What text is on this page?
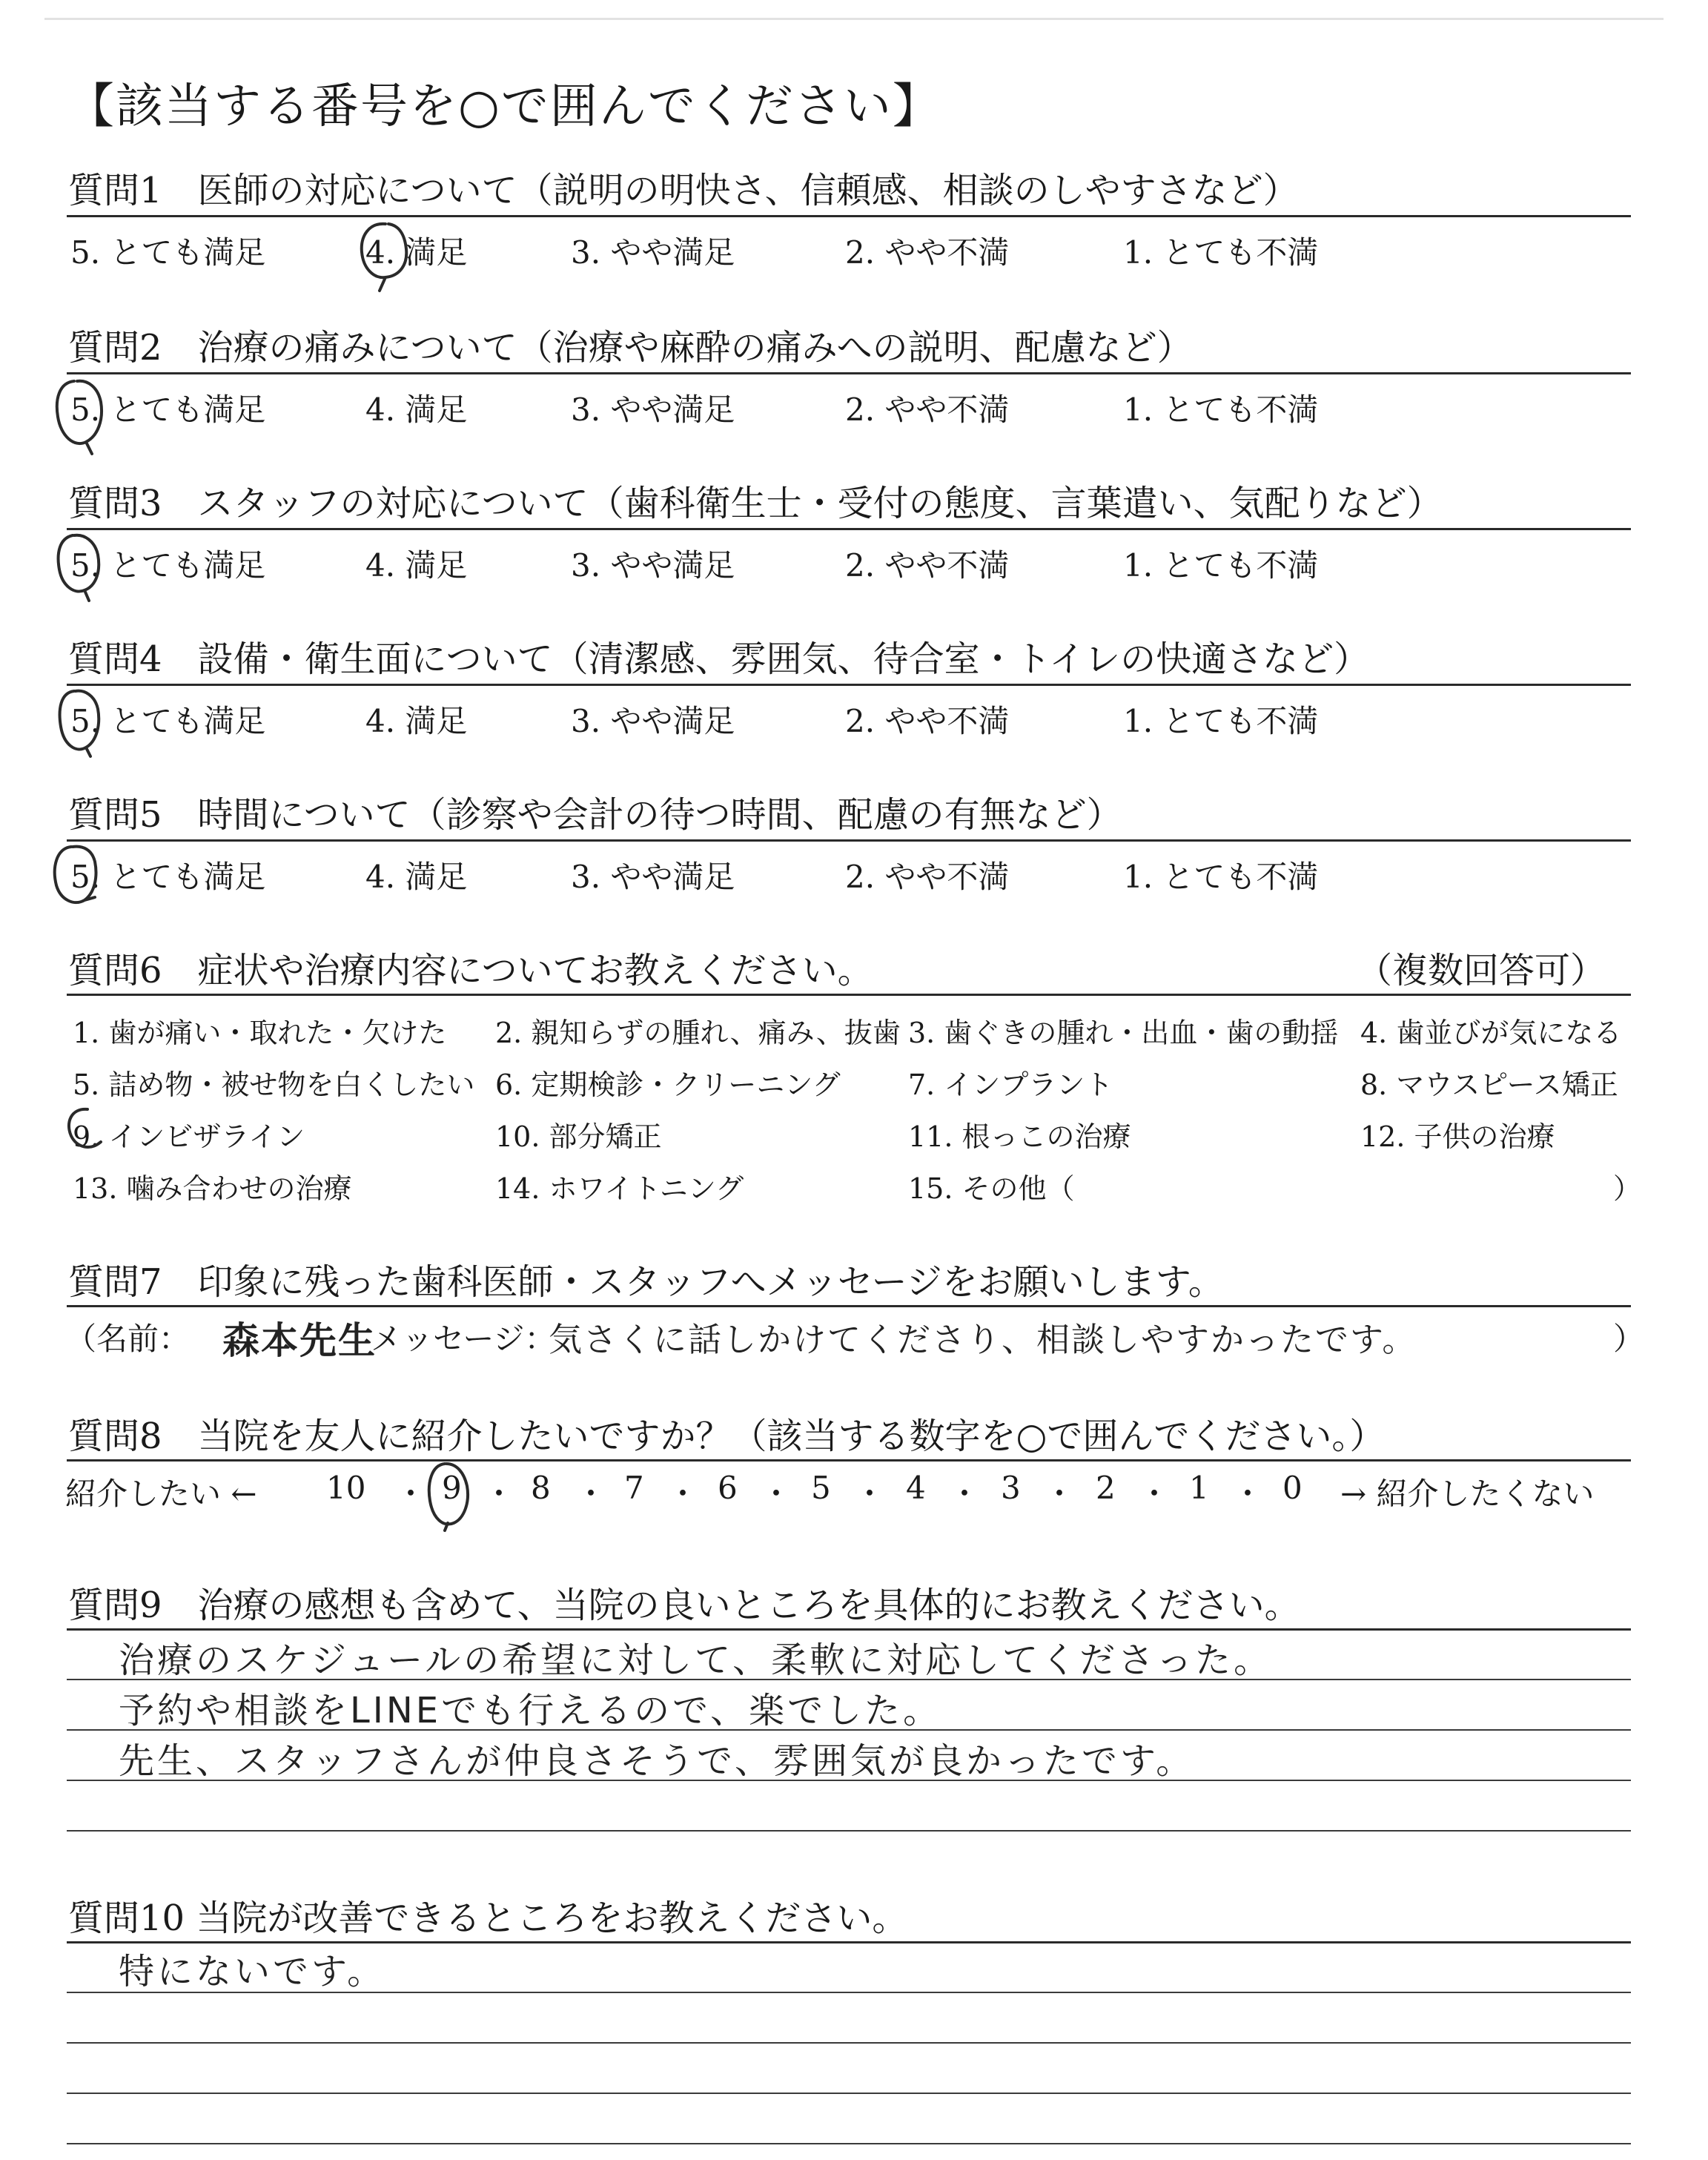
【該当する番号を○で囲んでください】
質問1　医師の対応について（説明の明快さ、信頼感、相談のしやすさなど）
5. とても満足	4. 満足	3. やや満足	2. やや不満	1. とても不満
質問2　治療の痛みについて（治療や麻酔の痛みへの説明、配慮など）
5. とても満足	4. 満足	3. やや満足	2. やや不満	1. とても不満
質問3　スタッフの対応について（歯科衛生士・受付の態度、言葉遣い、気配りなど）
5. とても満足	4. 満足	3. やや満足	2. やや不満	1. とても不満
質問4　設備・衛生面について（清潔感、雰囲気、待合室・トイレの快適さなど）
5. とても満足	4. 満足	3. やや満足	2. やや不満	1. とても不満
質問5　時間について（診察や会計の待つ時間、配慮の有無など）
5. とても満足	4. 満足	3. やや満足	2. やや不満	1. とても不満
質問6　症状や治療内容についてお教えください。	（複数回答可）
1. 歯が痛い・取れた・欠けた 2. 親知らずの腫れ、痛み、抜歯 3. 歯ぐきの腫れ・出血・歯の動揺 4. 歯並びが気になる
5. 詰め物・被せ物を白くしたい 6. 定期検診・クリーニング 7. インプラント	8. マウスピース矯正
9. インビザライン	10. 部分矯正	11. 根っこの治療	12. 子供の治療
13. 噛み合わせの治療	14. ホワイトニング	15. その他（	）
質問7　印象に残った歯科医師・スタッフへメッセージをお願いします。
（名前： 森本先生
メッセージ：
気さくに話しかけてくださり、相談しやすかったです。	）
質問8　当院を友人に紹介したいですか？（該当する数字を○で囲んでください。）
紹介したい ← 10 ・ 9 ・ 8 ・ 7 ・ 6 ・ 5 ・ 4 ・ 3 ・ 2 ・ 1 ・ 0 → 紹介したくない
質問9　治療の感想も含めて、当院の良いところを具体的にお教えください。
治療のスケジュールの希望に対して、柔軟に対応してくださった。
予約や相談をLINEでも行えるので、楽でした。
先生、スタッフさんが仲良さそうで、雰囲気が良かったです。
質問10 当院が改善できるところをお教えください。
特にないです。
